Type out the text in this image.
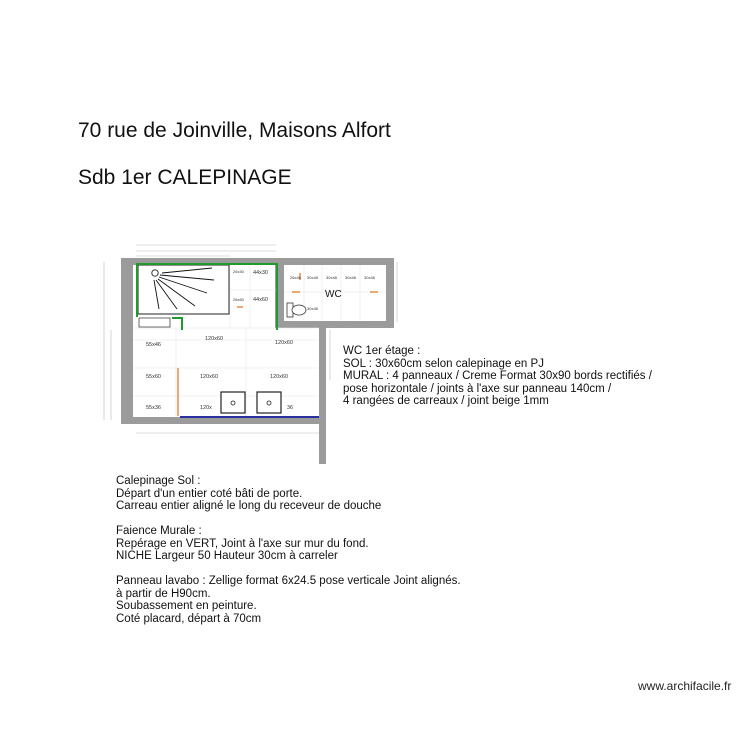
70 rue de Joinville, Maisons Alfort
Sdb 1er CALEPINAGE
55x46
120x60
120x60
55x60	120x60	120x60
55x36	120x	36
44x30
44x60
26x30
26x60
30x48 30x48 30x48 30x48
30x48
26x48
WC
WC 1er étage :
SOL : 30x60cm selon calepinage en PJ
MURAL : 4 panneaux / Creme Format 30x90 bords rectifiés /
pose horizontale / joints à l'axe sur panneau 140cm /
4 rangées de carreaux / joint beige 1mm
Calepinage Sol :
Départ d'un entier coté bâti de porte.
Carreau entier aligné le long du receveur de douche
Faience Murale :
Repérage en VERT, Joint à l'axe sur mur du fond.
NICHE Largeur 50 Hauteur 30cm à carreler
Panneau lavabo : Zellige format 6x24.5 pose verticale Joint alignés.
à partir de H90cm.
Soubassement en peinture.
Coté placard, départ à 70cm
www.archifacile.fr
